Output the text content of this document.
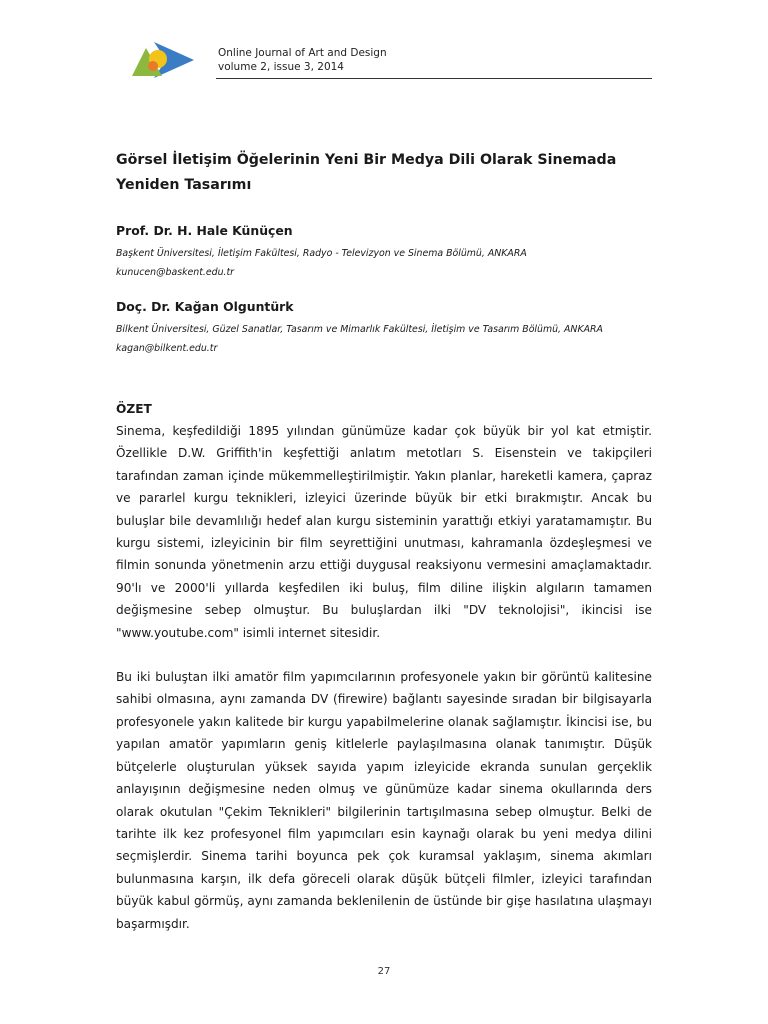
Online Journal of Art and Design
volume 2, issue 3, 2014
Görsel İletişim Öğelerinin Yeni Bir Medya Dili Olarak Sinemada Yeniden Tasarımı

Prof. Dr. H. Hale Künüçen

Başkent Üniversitesi, İletişim Fakültesi, Radyo - Televizyon ve Sinema Bölümü, ANKARA

kunucen@baskent.edu.tr

Doç. Dr. Kağan Olguntürk

Bilkent Üniversitesi, Güzel Sanatlar, Tasarım ve Mimarlık Fakültesi, İletişim ve Tasarım Bölümü, ANKARA

kagan@bilkent.edu.tr

ÖZET

Sinema, keşfedildiği 1895 yılından günümüze kadar çok büyük bir yol kat etmiştir. Özellikle D.W. Griffith'in keşfettiği anlatım metotları S. Eisenstein ve takipçileri tarafından zaman içinde mükemmelleştirilmiştir. Yakın planlar, hareketli kamera, çapraz ve pararlel kurgu teknikleri, izleyici üzerinde büyük bir etki bırakmıştır. Ancak bu buluşlar bile devamlılığı hedef alan kurgu sisteminin yarattığı etkiyi yaratamamıştır. Bu kurgu sistemi, izleyicinin bir film seyrettiğini unutması, kahramanla özdeşleşmesi ve filmin sonunda yönetmenin arzu ettiği duygusal reaksiyonu vermesini amaçlamaktadır. 90'lı ve 2000'li yıllarda keşfedilen iki buluş, film diline ilişkin algıların tamamen değişmesine sebep olmuştur. Bu buluşlardan ilki "DV teknolojisi", ikincisi ise "www.youtube.com" isimli internet sitesidir.

Bu iki buluştan ilki amatör film yapımcılarının profesyonele yakın bir görüntü kalitesine sahibi olmasına, aynı zamanda DV (firewire) bağlantı sayesinde sıradan bir bilgisayarla profesyonele yakın kalitede bir kurgu yapabilmelerine olanak sağlamıştır. İkincisi ise, bu yapılan amatör yapımların geniş kitlelerle paylaşılmasına olanak tanımıştır. Düşük bütçelerle oluşturulan yüksek sayıda yapım izleyicide ekranda sunulan gerçeklik anlayışının değişmesine neden olmuş ve günümüze kadar sinema okullarında ders olarak okutulan "Çekim Teknikleri" bilgilerinin tartışılmasına sebep olmuştur. Belki de tarihte ilk kez profesyonel film yapımcıları esin kaynağı olarak bu yeni medya dilini seçmişlerdir. Sinema tarihi boyunca pek çok kuramsal yaklaşım, sinema akımları bulunmasına karşın, ilk defa göreceli olarak düşük bütçeli filmler, izleyici tarafından büyük kabul görmüş, aynı zamanda beklenilenin de üstünde bir gişe hasılatına ulaşmayı başarmışdır.

27
